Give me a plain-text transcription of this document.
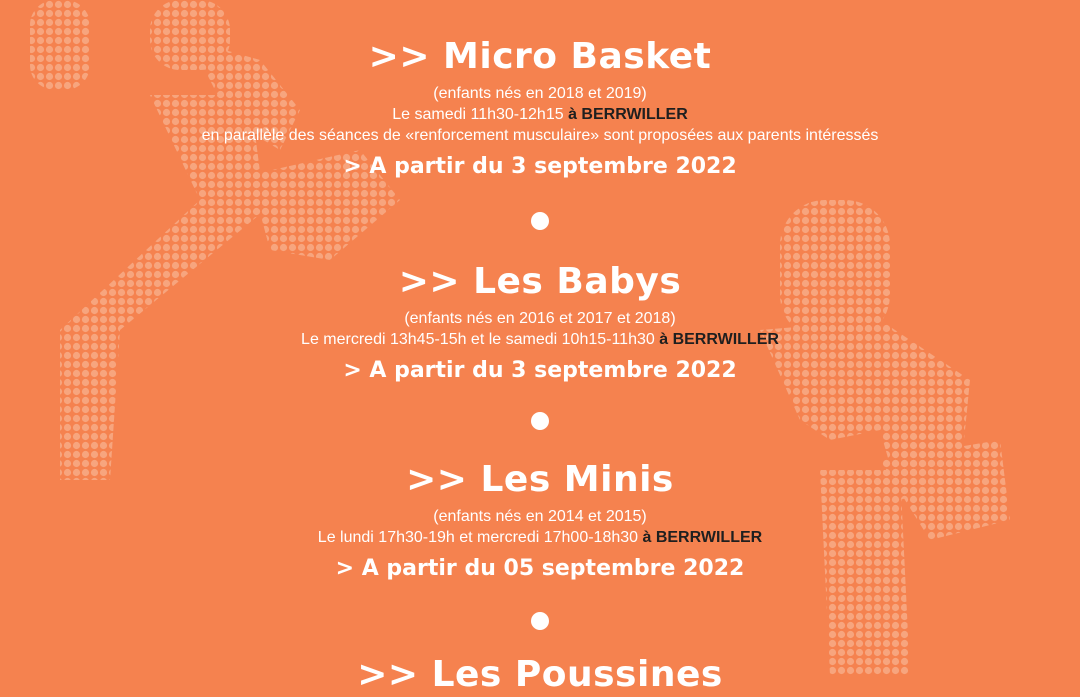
>> Micro Basket
(enfants nés en 2018 et 2019)
Le samedi 11h30-12h15 à BERRWILLER
en parallèle des séances de «renforcement musculaire» sont proposées aux parents intéressés
> A partir du 3 septembre 2022
>> Les Babys
(enfants nés en 2016 et 2017 et 2018)
Le mercredi 13h45-15h et le samedi 10h15-11h30 à BERRWILLER
> A partir du 3 septembre 2022
>> Les Minis
(enfants nés en 2014 et 2015)
Le lundi 17h30-19h et mercredi 17h00-18h30 à BERRWILLER
> A partir du 05 septembre 2022
>> Les Poussines
